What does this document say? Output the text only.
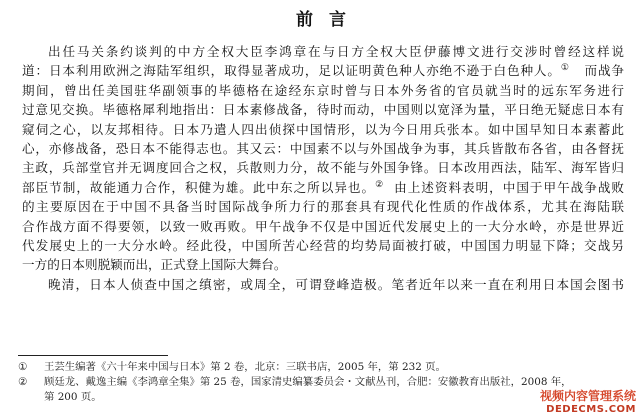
前言
出任马关条约谈判的中方全权大臣李鸿章在与日方全权大臣伊藤博文进行交涉时曾经这样说
道：日本利用欧洲之海陆军组织，取得显著成功，足以证明黄色种人亦绝不逊于白色种人。① 而战争
期间，曾出任美国驻华副领事的毕德格在途经东京时曾与日本外务省的官员就当时的远东军务进行
过意见交换。毕德格犀利地指出：日本素修战备，待时而动，中国则以宽泽为量，平日绝无疑虑日本有
窥伺之心，以友邦相待。日本乃遣人四出侦探中国情形，以为今日用兵张本。如中国早知日本素蓄此
心，亦修战备，恐日本不能得志也。其又云：中国素不以与外国战争为事，其兵皆散布各省，由各督抚
主政，兵部堂官并无调度回合之权，兵散则力分，故不能与外国争锋。日本改用西法，陆军、海军皆归
部臣节制，故能通力合作，积健为雄。此中东之所以异也。② 由上述资料表明，中国于甲午战争战败
的主要原因在于中国不具备当时国际战争所力行的那套具有现代化性质的作战体系，尤其在海陆联
合作战方面不得要领，以致一败再败。甲午战争不仅是中国近代发展史上的一大分水岭，亦是世界近
代发展史上的一大分水岭。经此役，中国所苦心经营的均势局面被打破，中国国力明显下降；交战另
一方的日本则脱颖而出，正式登上国际大舞台。
晚清，日本人侦查中国之缜密，或周全，可谓登峰造极。笔者近年以来一直在利用日本国会图书
① 王芸生编著《六十年来中国与日本》第 2 卷，北京：三联书店，2005 年，第 232 页。
② 顾廷龙、戴逸主编《李鸿章全集》第 25 卷，国家清史编纂委员会・文献丛刊，合肥：安徽教育出版社，2008 年，
第 200 页。	视频内容管理系统
DEDECMS.COM
